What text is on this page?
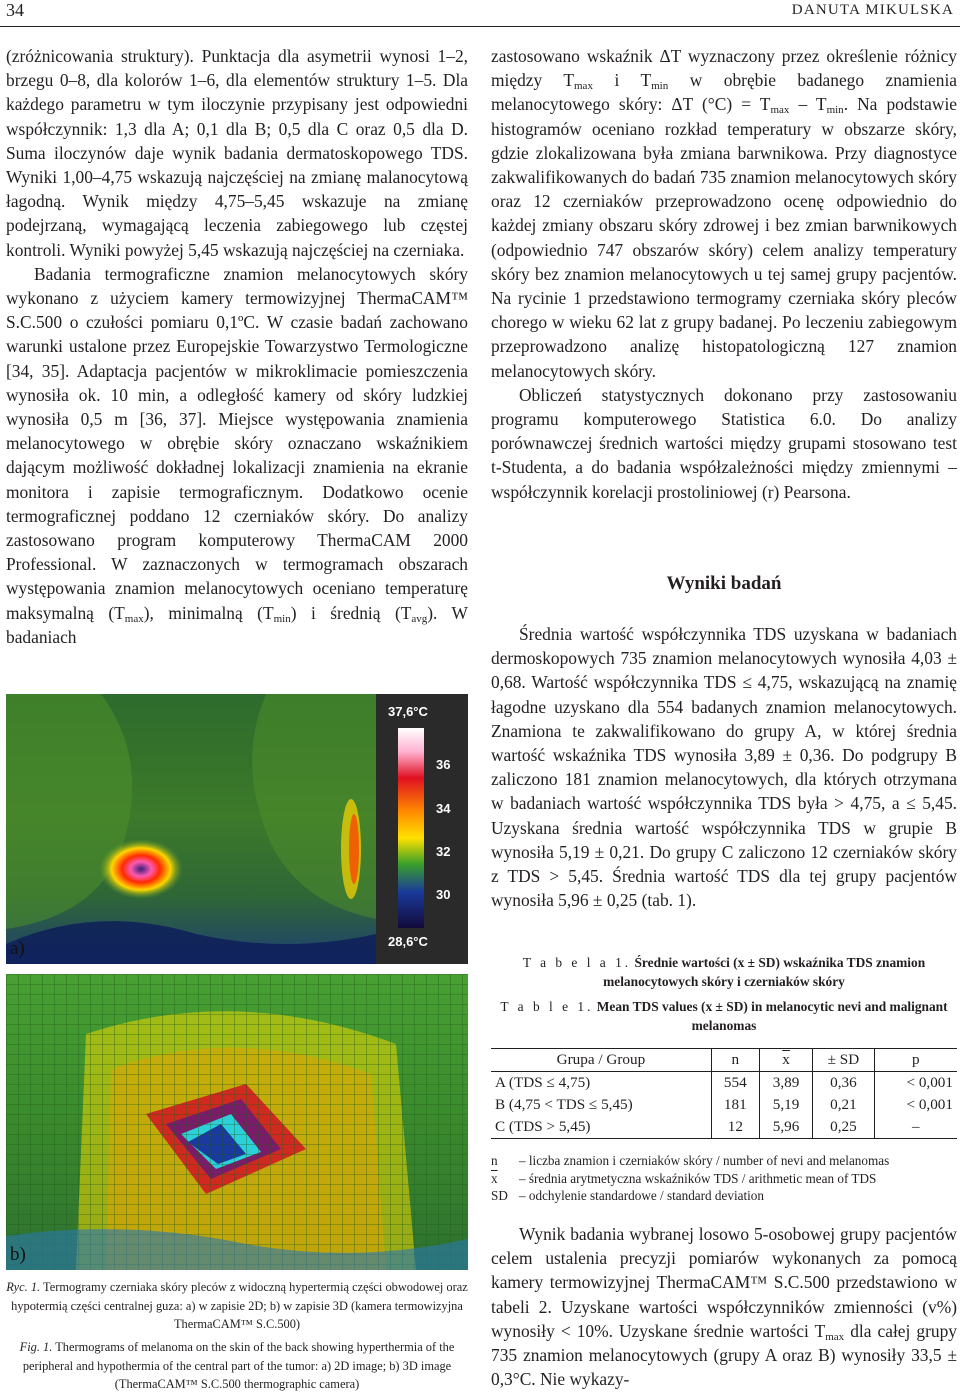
34	DANUTA MIKULSKA

(zróżnicowania struktury). Punktacja dla asymetrii wynosi 1–2, brzegu 0–8, dla kolorów 1–6, dla elementów struktury 1–5. Dla każdego parametru w tym iloczynie przypisany jest odpowiedni współczynnik: 1,3 dla A; 0,1 dla B; 0,5 dla C oraz 0,5 dla D. Suma iloczynów daje wynik badania dermatoskopowego TDS. Wyniki 1,00–4,75 wskazują najczęściej na zmianę malanocytową łagodną. Wynik między 4,75–5,45 wskazuje na zmianę podejrzaną, wymagającą leczenia zabiegowego lub częstej kontroli. Wyniki powyżej 5,45 wskazują najczęściej na czerniaka.

Badania termograficzne znamion melanocytowych skóry wykonano z użyciem kamery termowizyjnej ThermaCAM™ S.C.500 o czułości pomiaru 0,1ºC. W czasie badań zachowano warunki ustalone przez Europejskie Towarzystwo Termologiczne [34, 35]. Adaptacja pacjentów w mikroklimacie pomieszczenia wynosiła ok. 10 min, a odległość kamery od skóry ludzkiej wynosiła 0,5 m [36, 37]. Miejsce występowania znamienia melanocytowego w obrębie skóry oznaczano wskaźnikiem dającym możliwość dokładnej lokalizacji znamienia na ekranie monitora i zapisie termograficznym. Dodatkowo ocenie termograficznej poddano 12 czerniaków skóry. Do analizy zastosowano program komputerowy ThermaCAM 2000 Professional. W zaznaczonych w termogramach obszarach występowania znamion melanocytowych oceniano temperaturę maksymalną $(T_{max})$, minimalną $(T_{min})$ i średnią $(T_{avg})$. W badaniach

37,6°C
36
34
32
30
28,6°C
a)
b)
Ryc. 1. Termogramy czerniaka skóry pleców z widoczną hypertermią części obwodowej oraz hypotermią części centralnej guza: a) w zapisie 2D; b) w zapisie 3D (kamera termowizyjna ThermaCAM™ S.C.500)
Fig. 1. Thermograms of melanoma on the skin of the back showing hyperthermia of the peripheral and hypothermia of the central part of the tumor: a) 2D image; b) 3D image (ThermaCAM™ S.C.500 thermographic camera)

zastosowano wskaźnik ΔT wyznaczony przez określenie różnicy między $T_{max}$ i $T_{min}$ w obrębie badanego znamienia melanocytowego skóry: ΔT $(^\circ C) = T_{max} - T_{min}$. Na podstawie histogramów oceniano rozkład temperatury w obszarze skóry, gdzie zlokalizowana była zmiana barwnikowa. Przy diagnostyce zakwalifikowanych do badań 735 znamion melanocytowych skóry oraz 12 czerniaków przeprowadzono ocenę odpowiednio do każdej zmiany obszaru skóry zdrowej i bez zmian barwnikowych (odpowiednio 747 obszarów skóry) celem analizy temperatury skóry bez znamion melanocytowych u tej samej grupy pacjentów. Na rycinie 1 przedstawiono termogramy czerniaka skóry pleców chorego w wieku 62 lat z grupy badanej. Po leczeniu zabiegowym przeprowadzono analizę histopatologiczną 127 znamion melanocytowych skóry.

Obliczeń statystycznych dokonano przy zastosowaniu programu komputerowego Statistica 6.0. Do analizy porównawczej średnich wartości między grupami stosowano test t-Studenta, a do badania współzależności między zmiennymi – współczynnik korelacji prostoliniowej (r) Pearsona.

Wyniki badań

Średnia wartość współczynnika TDS uzyskana w badaniach dermoskopowych 735 znamion melanocytowych wynosiła 4,03 ± 0,68. Wartość współczynnika TDS ≤ 4,75, wskazującą na znamię łagodne uzyskano dla 554 badanych znamion melanocytowych. Znamiona te zakwalifikowano do grupy A, w której średnia wartość wskaźnika TDS wynosiła 3,89 ± 0,36. Do podgrupy B zaliczono 181 znamion melanocytowych, dla których otrzymana w badaniach wartość współczynnika TDS była > 4,75, a ≤ 5,45. Uzyskana średnia wartość współczynnika TDS w grupie B wynosiła 5,19 ± 0,21. Do grupy C zaliczono 12 czerniaków skóry z TDS > 5,45. Średnia wartość TDS dla tej grupy pacjentów wynosiła 5,96 ± 0,25 (tab. 1).

T a b e l a 1. Średnie wartości (x ± SD) wskaźnika TDS znamion melanocytowych skóry i czerniaków skóry
T a b l e 1. Mean TDS values (x ± SD) in melanocytic nevi and malignant melanomas
Grupa / Group	n	$\overline{x}$	± SD	p
A (TDS ≤ 4,75)	554	3,89	0,36	< 0,001
B (4,75 < TDS ≤ 5,45)	181	5,19	0,21	< 0,001
C (TDS > 5,45)	12	5,96	0,25	–
n	– liczba znamion i czerniaków skóry / number of nevi and melanomas
$\overline{x}$	– średnia arytmetyczna wskaźników TDS / arithmetic mean of TDS
SD – odchylenie standardowe / standard deviation

Wynik badania wybranej losowo 5-osobowej grupy pacjentów celem ustalenia precyzji pomiarów wykonanych za pomocą kamery termowizyjnej ThermaCAM™ S.C.500 przedstawiono w tabeli 2. Uzyskane wartości współczynników zmienności (v%) wynosiły < 10%. Uzyskane średnie wartości $T_{max}$ dla całej grupy 735 znamion melanocytowych (grupy A oraz B) wynosiły 33,5 ± 0,3°C. Nie wykazy-
